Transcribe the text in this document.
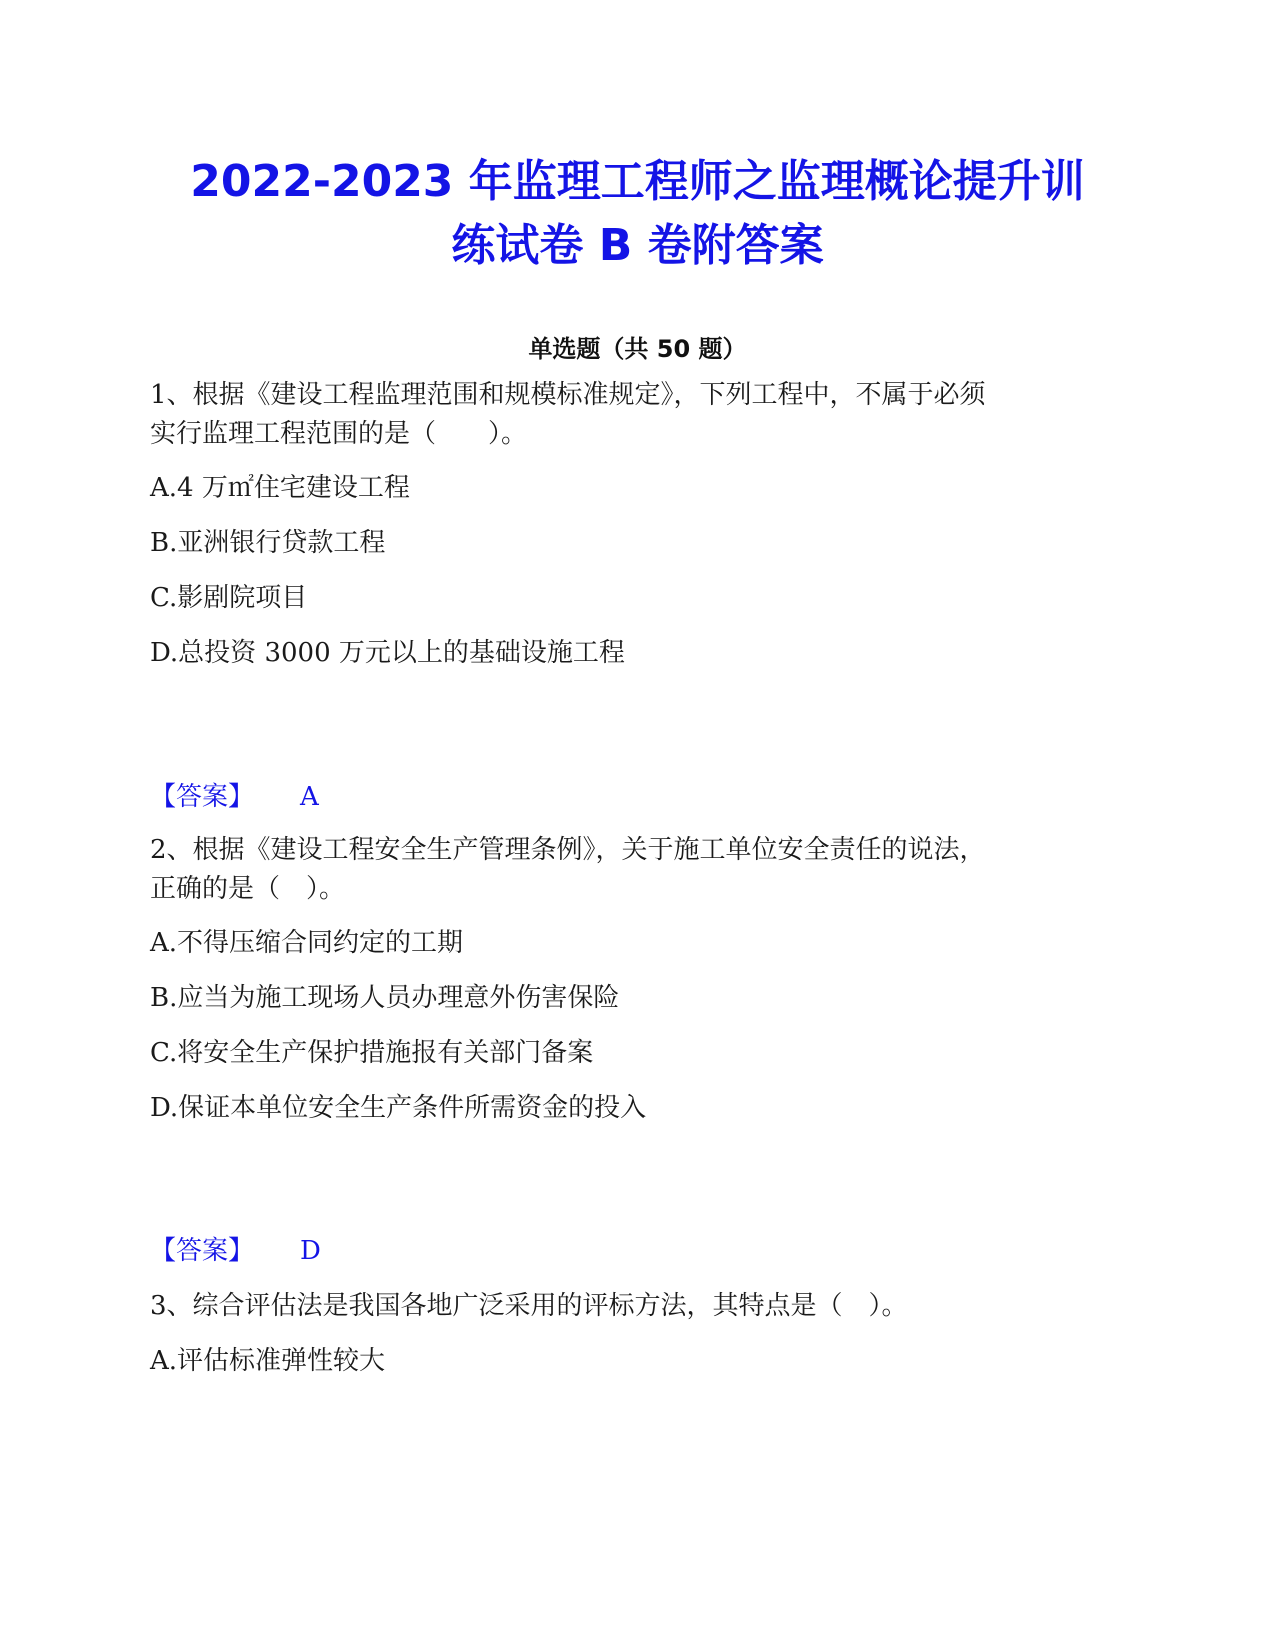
2022-2023 年监理工程师之监理概论提升训
练试卷 B 卷附答案
单选题（共 50 题）
1、根据《建设工程监理范围和规模标准规定》，下列工程中，不属于必须
实行监理工程范围的是（　　）。
A.4 万㎡住宅建设工程
B.亚洲银行贷款工程
C.影剧院项目
D.总投资 3000 万元以上的基础设施工程
【答案】 A
2、根据《建设工程安全生产管理条例》，关于施工单位安全责任的说法，
正确的是（　）。
A.不得压缩合同约定的工期
B.应当为施工现场人员办理意外伤害保险
C.将安全生产保护措施报有关部门备案
D.保证本单位安全生产条件所需资金的投入
【答案】 D
3、综合评估法是我国各地广泛采用的评标方法，其特点是（　）。
A.评估标准弹性较大
